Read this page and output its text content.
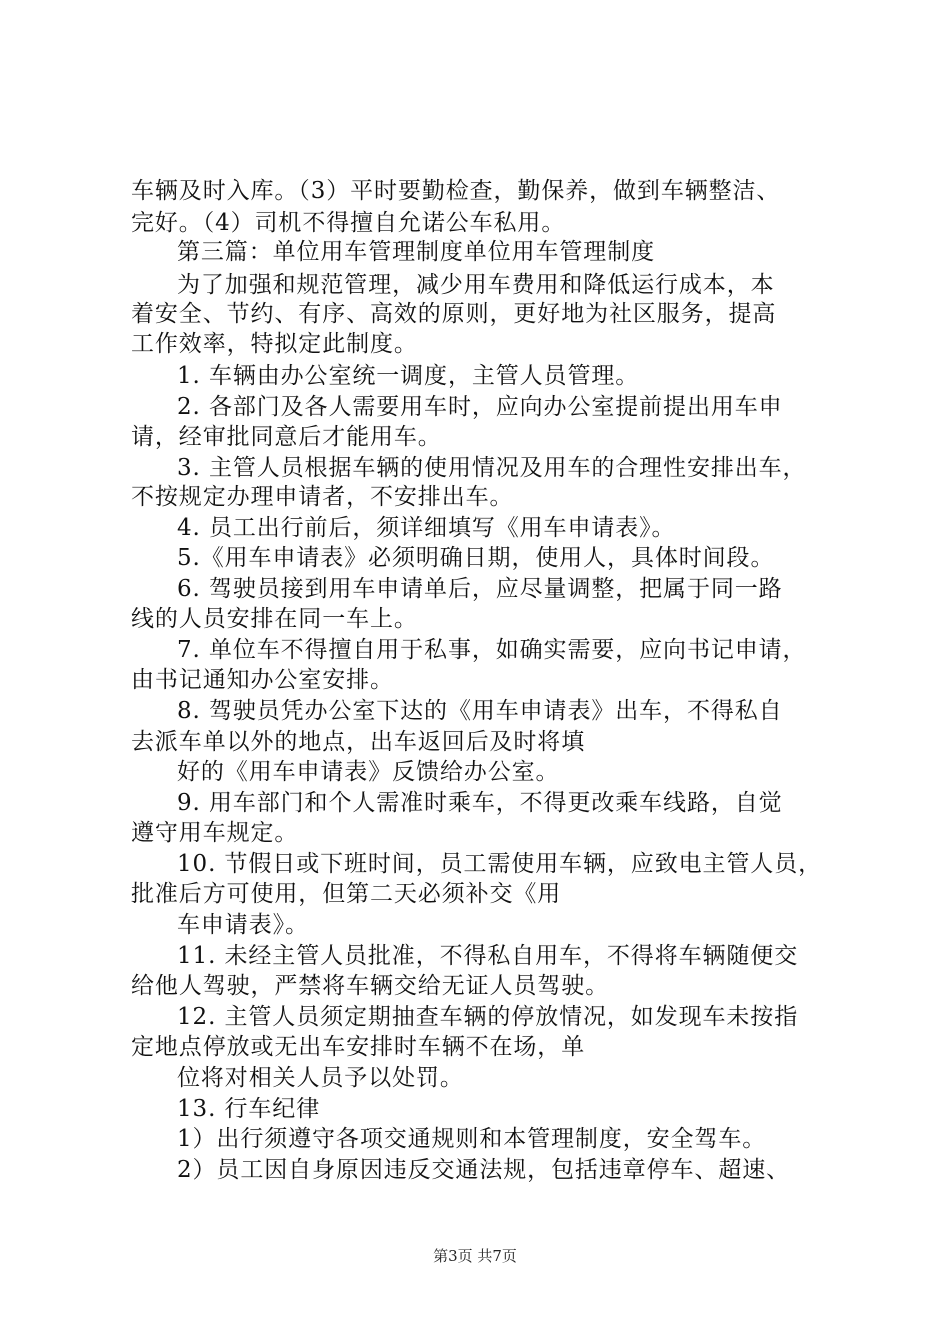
车辆及时入库。（3）平时要勤检查，勤保养，做到车辆整洁、
完好。（4）司机不得擅自允诺公车私用。
第三篇：单位用车管理制度单位用车管理制度
为了加强和规范管理，减少用车费用和降低运行成本，本
着安全、节约、有序、高效的原则，更好地为社区服务，提高
工作效率，特拟定此制度。
1. 车辆由办公室统一调度，主管人员管理。
2. 各部门及各人需要用车时，应向办公室提前提出用车申
请，经审批同意后才能用车。
3. 主管人员根据车辆的使用情况及用车的合理性安排出车，
不按规定办理申请者，不安排出车。
4. 员工出行前后，须详细填写《用车申请表》。
5.《用车申请表》必须明确日期，使用人，具体时间段。
6. 驾驶员接到用车申请单后，应尽量调整，把属于同一路
线的人员安排在同一车上。
7. 单位车不得擅自用于私事，如确实需要，应向书记申请，
由书记通知办公室安排。
8. 驾驶员凭办公室下达的《用车申请表》出车，不得私自
去派车单以外的地点，出车返回后及时将填
好的《用车申请表》反馈给办公室。
9. 用车部门和个人需准时乘车，不得更改乘车线路，自觉
遵守用车规定。
10. 节假日或下班时间，员工需使用车辆，应致电主管人员，
批准后方可使用，但第二天必须补交《用
车申请表》。
11. 未经主管人员批准，不得私自用车，不得将车辆随便交
给他人驾驶，严禁将车辆交给无证人员驾驶。
12. 主管人员须定期抽查车辆的停放情况，如发现车未按指
定地点停放或无出车安排时车辆不在场，单
位将对相关人员予以处罚。
13. 行车纪律
1）出行须遵守各项交通规则和本管理制度，安全驾车。
2）员工因自身原因违反交通法规，包括违章停车、超速、
第3页 共7页
